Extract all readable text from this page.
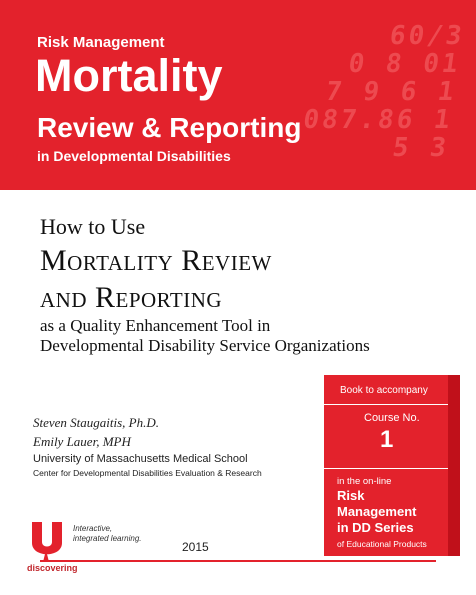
60/3
0 8 01
7 9 6 1
087.86 1
5 3
Risk Management
Mortality
Review & Reporting
in Developmental Disabilities
How to Use
Mortality Review
and Reporting
as a Quality Enhancement Tool in
Developmental Disability Service Organizations
Steven Staugaitis, Ph.D.
Emily Lauer, MPH
University of Massachusetts Medical School
Center for Developmental Disabilities Evaluation & Research
Book to accompany
Course No.
1
in the on-line
Risk
Management
in DD Series
of Educational Products
discovering
Interactive,
integrated learning.
2015
